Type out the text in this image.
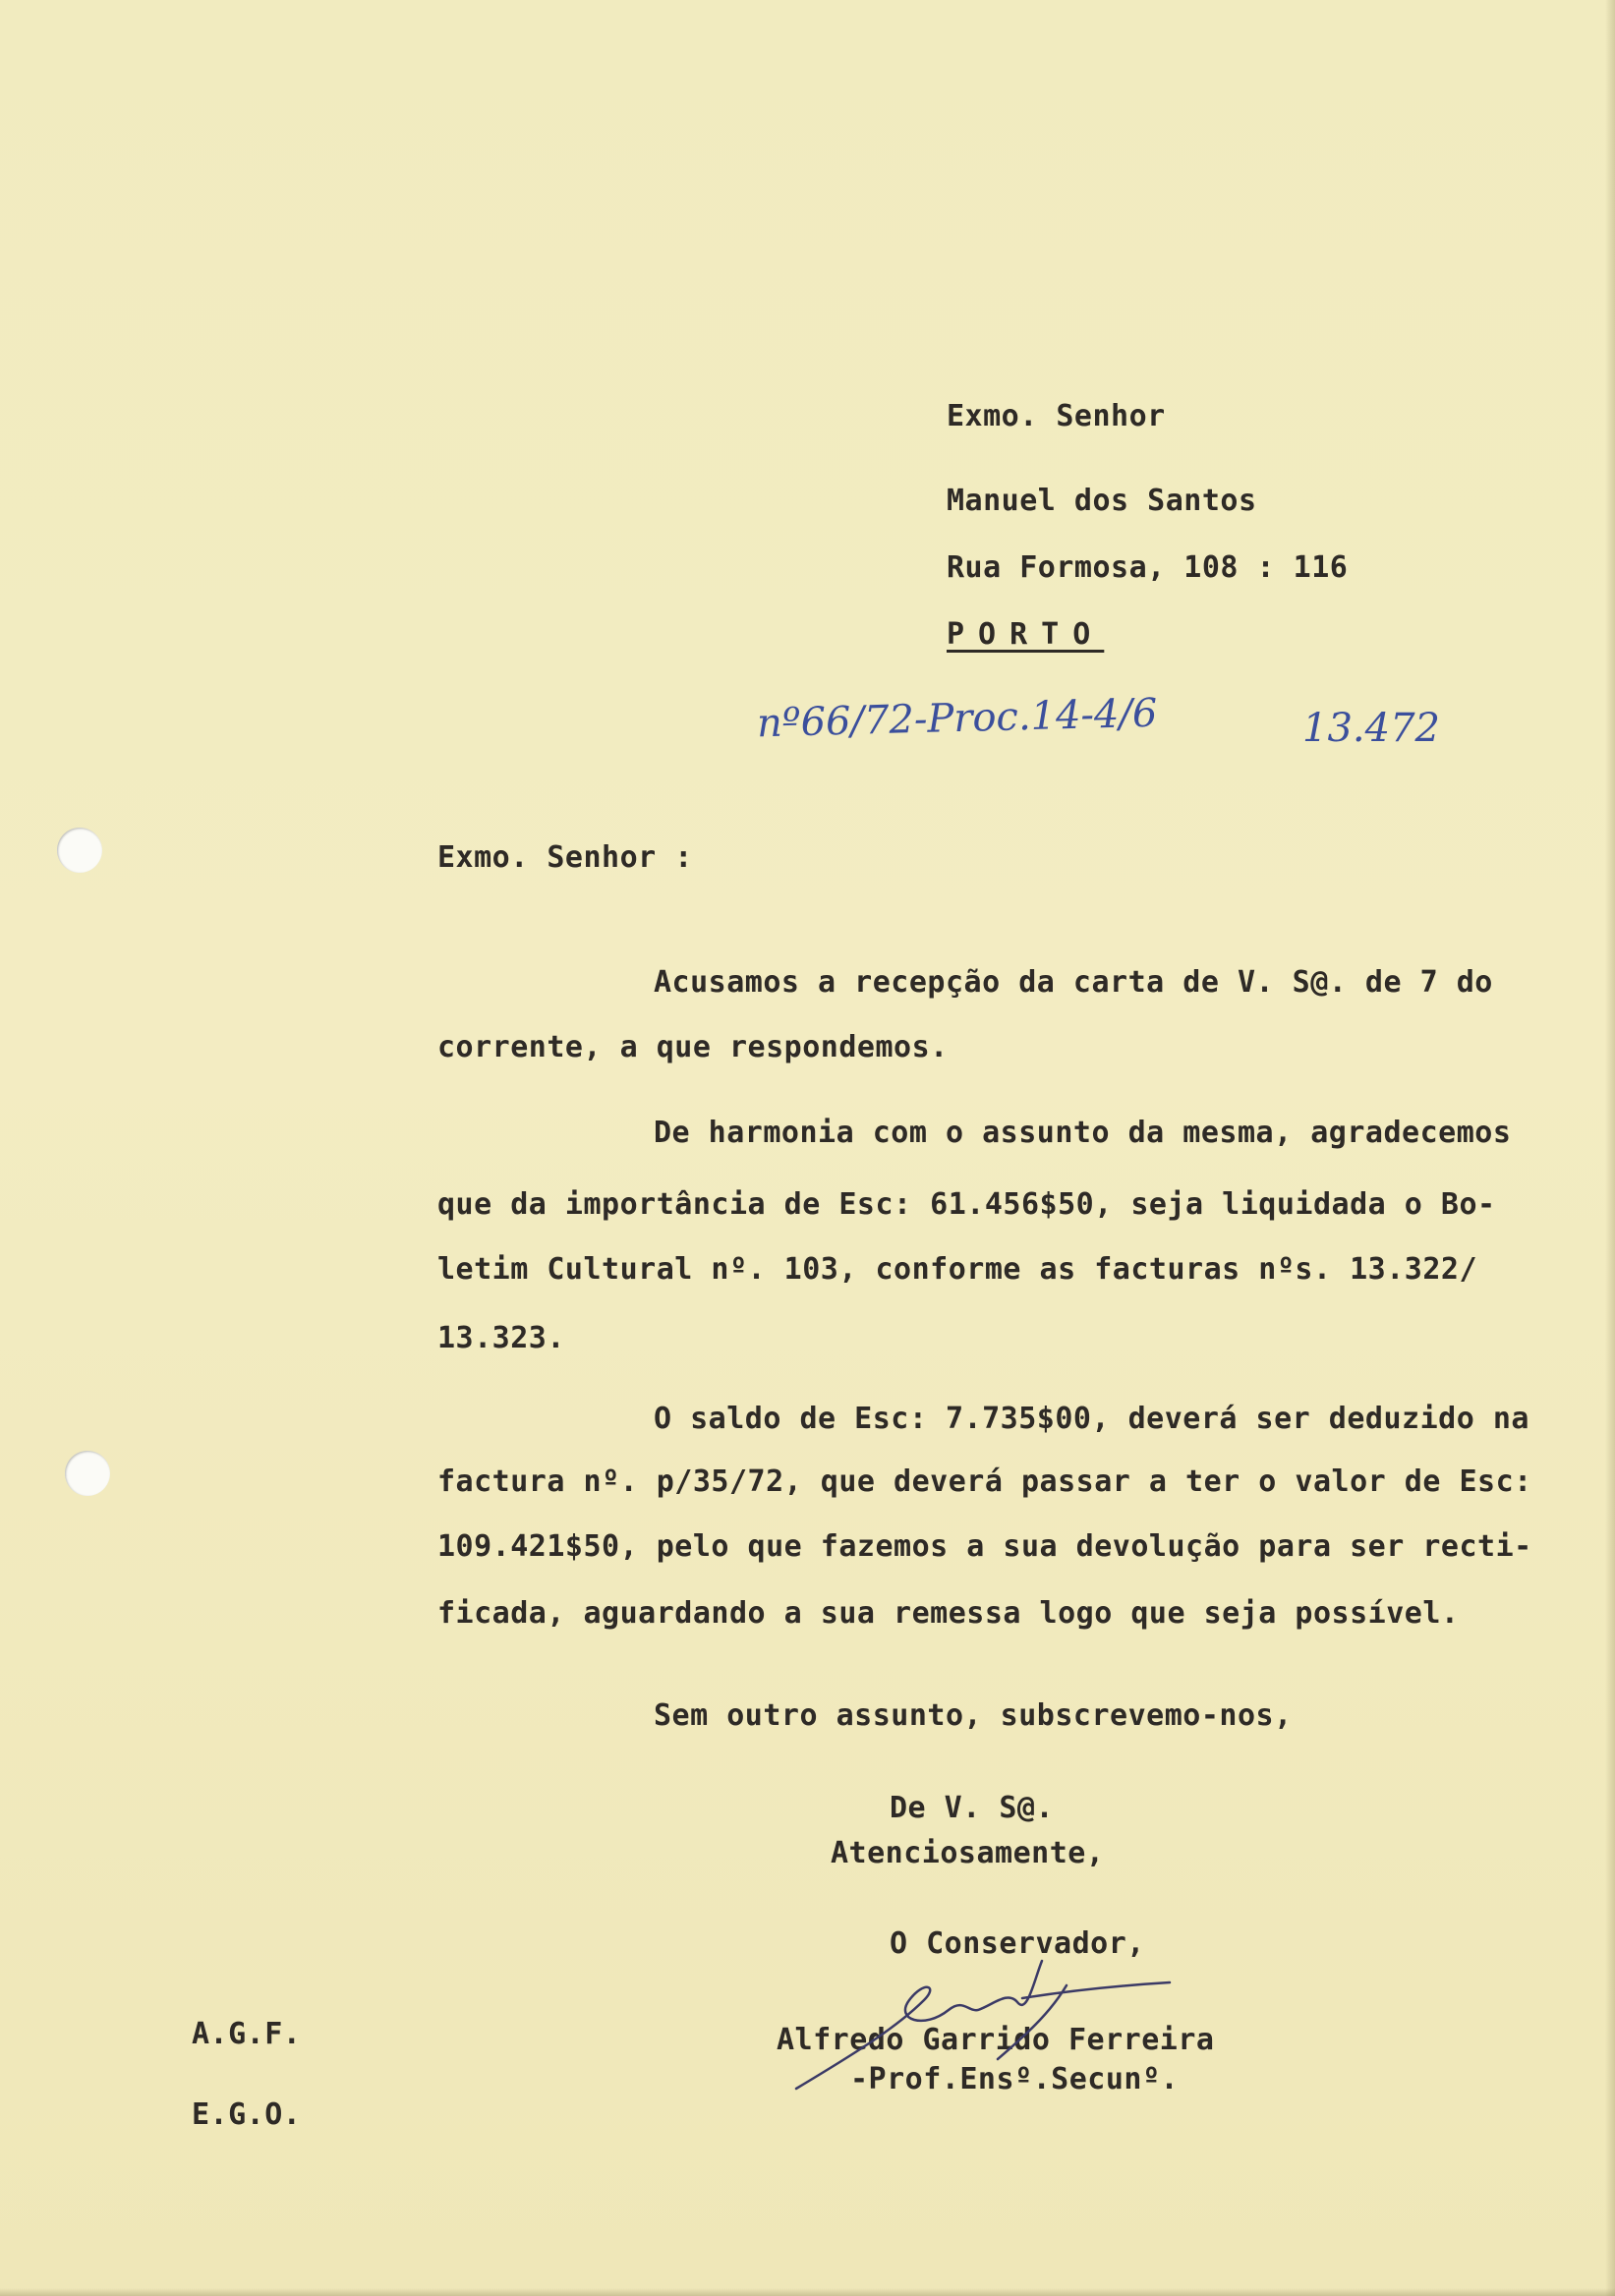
Exmo. Senhor

Manuel dos Santos

Rua Formosa, 108 : 116

PORTO

nº66/72-Proc.14-4/6	13.472

Exmo. Senhor :

Acusamos a recepção da carta de V. S@. de 7 do

corrente, a que respondemos.

De harmonia com o assunto da mesma, agradecemos

que da importância de Esc: 61.456$50, seja liquidada o Bo-

letim Cultural nº. 103, conforme as facturas nºs. 13.322/

13.323.

O saldo de Esc: 7.735$00, deverá ser deduzido na

factura nº. p/35/72, que deverá passar a ter o valor de Esc:

109.421$50, pelo que fazemos a sua devolução para ser recti-

ficada, aguardando a sua remessa logo que seja possível.

Sem outro assunto, subscrevemo-nos,

De V. S@.

Atenciosamente,

O Conservador,

Alfredo Garrido Ferreira

-Prof.Ensº.Secunº.

A.G.F.

E.G.O.
